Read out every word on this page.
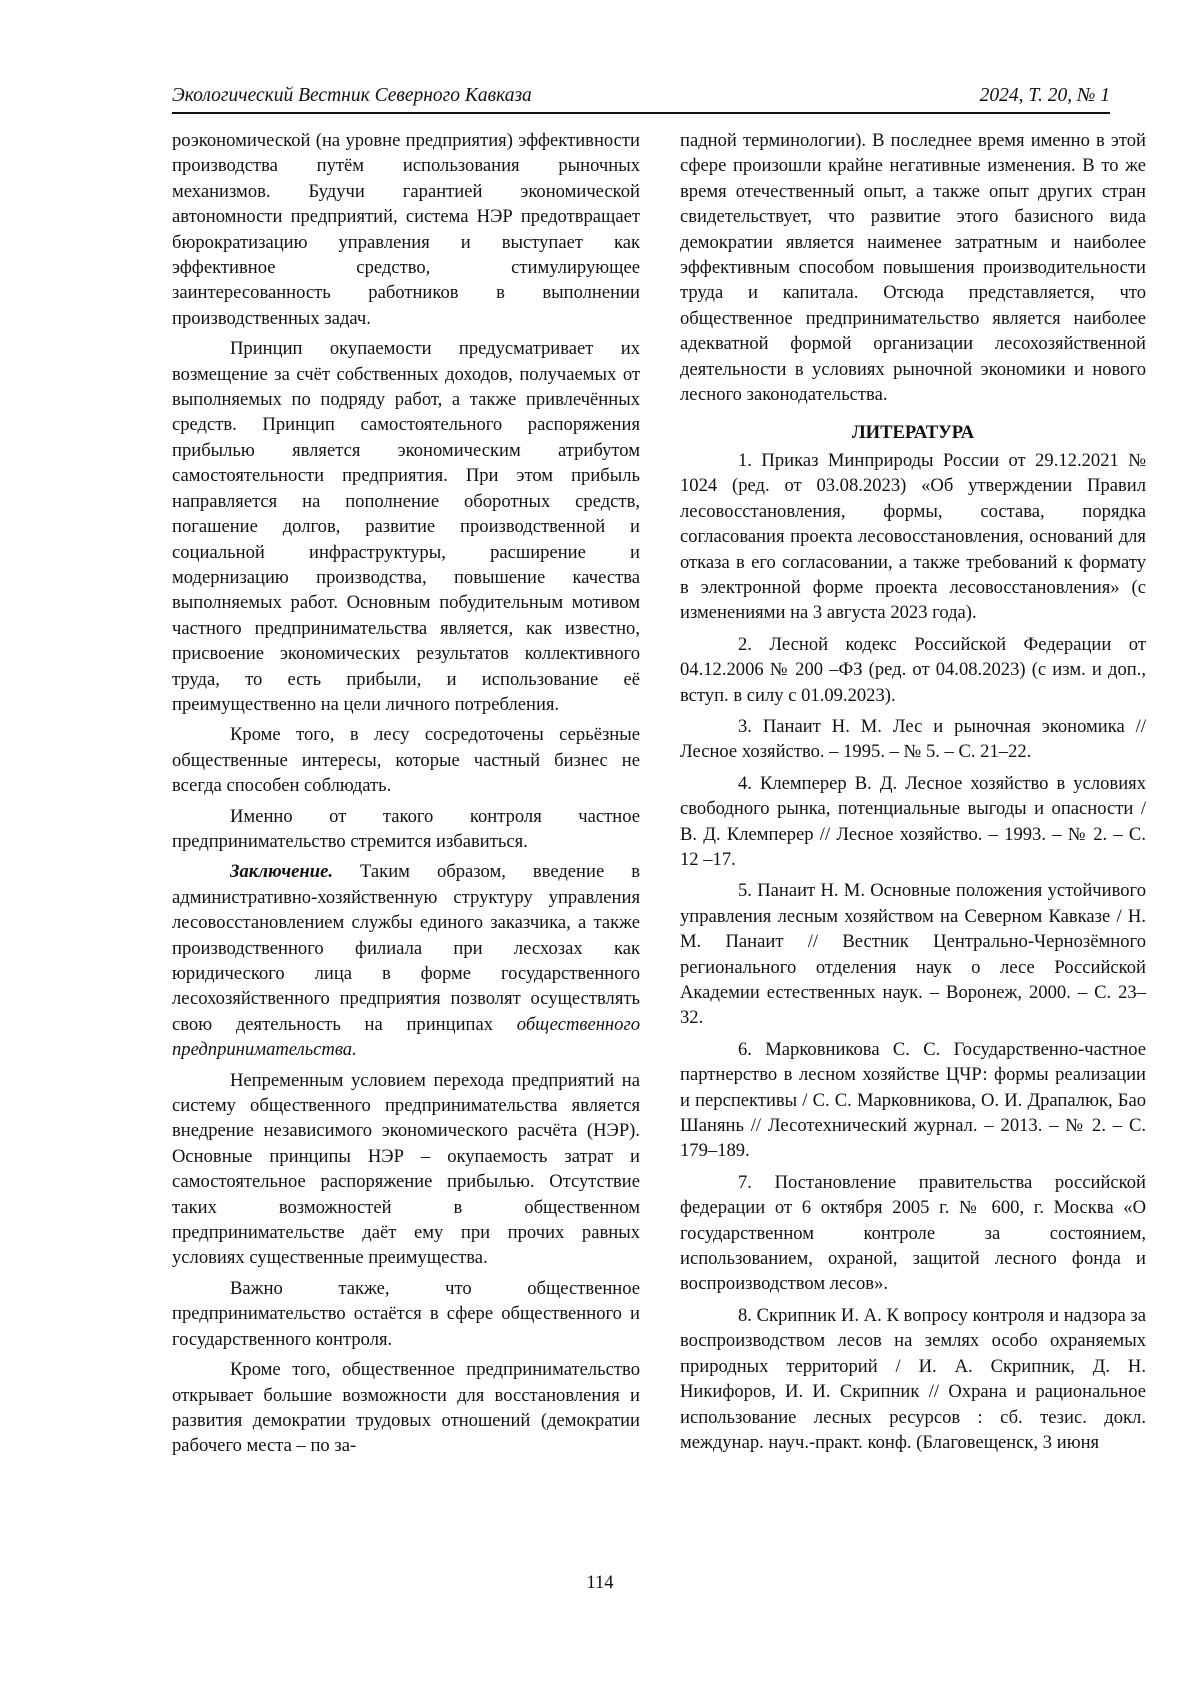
Экологический Вестник Северного Кавказа	2024, Т. 20, № 1

роэкономической (на уровне предприятия) эффективности производства путём использования рыночных механизмов. Будучи гарантией экономической автономности предприятий, система НЭР предотвращает бюрократизацию управления и выступает как эффективное средство, стимулирующее заинтересованность работников в выполнении производственных задач.

Принцип окупаемости предусматривает их возмещение за счёт собственных доходов, получаемых от выполняемых по подряду работ, а также привлечённых средств. Принцип самостоятельного распоряжения прибылью является экономическим атрибутом самостоятельности предприятия. При этом прибыль направляется на пополнение оборотных средств, погашение долгов, развитие производственной и социальной инфраструктуры, расширение и модернизацию производства, повышение качества выполняемых работ. Основным побудительным мотивом частного предпринимательства является, как известно, присвоение экономических результатов коллективного труда, то есть прибыли, и использование её преимущественно на цели личного потребления.

Кроме того, в лесу сосредоточены серьёзные общественные интересы, которые частный бизнес не всегда способен соблюдать.

Именно от такого контроля частное предпринимательство стремится избавиться.

Заключение. Таким образом, введение в административно-хозяйственную структуру управления лесовосстановлением службы единого заказчика, а также производственного филиала при лесхозах как юридического лица в форме государственного лесохозяйственного предприятия позволят осуществлять свою деятельность на принципах общественного предпринимательства.

Непременным условием перехода предприятий на систему общественного предпринимательства является внедрение независимого экономического расчёта (НЭР). Основные принципы НЭР – окупаемость затрат и самостоятельное распоряжение прибылью. Отсутствие таких возможностей в общественном предпринимательстве даёт ему при прочих равных условиях существенные преимущества.

Важно также, что общественное предпринимательство остаётся в сфере общественного и государственного контроля.

Кроме того, общественное предпринимательство открывает большие возможности для восстановления и развития демократии трудовых отношений (демократии рабочего места – по за-

падной терминологии). В последнее время именно в этой сфере произошли крайне негативные изменения. В то же время отечественный опыт, а также опыт других стран свидетельствует, что развитие этого базисного вида демократии является наименее затратным и наиболее эффективным способом повышения производительности труда и капитала. Отсюда представляется, что общественное предпринимательство является наиболее адекватной формой организации лесохозяйственной деятельности в условиях рыночной экономики и нового лесного законодательства.

ЛИТЕРАТУРА

1. Приказ Минприроды России от 29.12.2021 № 1024 (ред. от 03.08.2023) «Об утверждении Правил лесовосстановления, формы, состава, порядка согласования проекта лесовосстановления, оснований для отказа в его согласовании, а также требований к формату в электронной форме проекта лесовосстановления» (с изменениями на 3 августа 2023 года).

2. Лесной кодекс Российской Федерации от 04.12.2006 № 200 –ФЗ (ред. от 04.08.2023) (с изм. и доп., вступ. в силу с 01.09.2023).

3. Панаит Н. М. Лес и рыночная экономика // Лесное хозяйство. – 1995. – № 5. – С. 21–22.

4. Клемперер В. Д. Лесное хозяйство в условиях свободного рынка, потенциальные выгоды и опасности / В. Д. Клемперер // Лесное хозяйство. – 1993. – № 2. – С. 12 –17.

5. Панаит Н. М. Основные положения устойчивого управления лесным хозяйством на Северном Кавказе / Н. М. Панаит // Вестник Центрально-Чернозёмного регионального отделения наук о лесе Российской Академии естественных наук. – Воронеж, 2000. – С. 23–32.

6. Марковникова С. С. Государственно-частное партнерство в лесном хозяйстве ЦЧР: формы реализации и перспективы / С. С. Марковникова, О. И. Драпалюк, Бао Шанянь // Лесотехнический журнал. – 2013. – № 2. – С. 179–189.

7. Постановление правительства российской федерации от 6 октября 2005 г. № 600, г. Москва «О государственном контроле за состоянием, использованием, охраной, защитой лесного фонда и воспроизводством лесов».

8. Скрипник И. А. К вопросу контроля и надзора за воспроизводством лесов на землях особо охраняемых природных территорий / И. А. Скрипник, Д. Н. Никифоров, И. И. Скрипник // Охрана и рациональное использование лесных ресурсов : сб. тезис. докл. междунар. науч.-практ. конф. (Благовещенск, 3 июня

114
